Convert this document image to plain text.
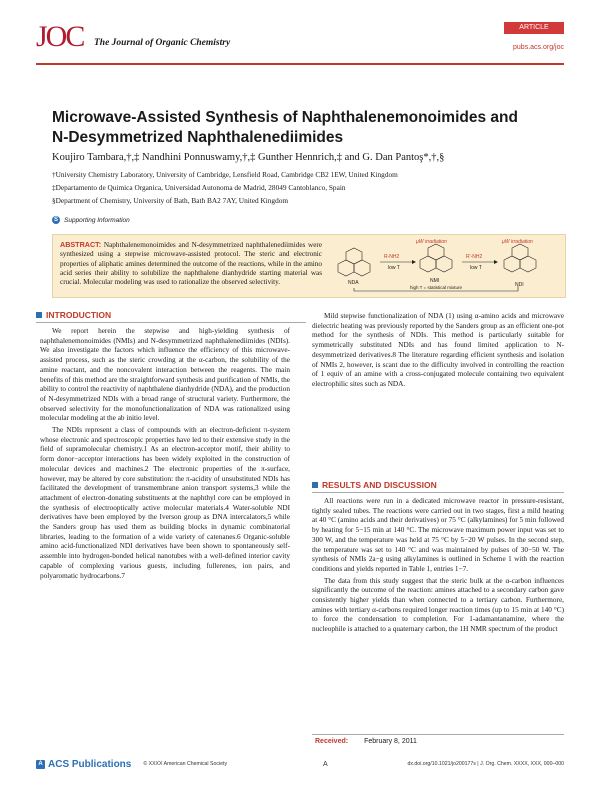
JOC The Journal of Organic Chemistry
ARTICLE
pubs.acs.org/joc
Microwave-Assisted Synthesis of Naphthalenemonoimides and
N-Desymmetrized Naphthalenediimides
Koujiro Tambara,†,‡ Nandhini Ponnuswamy,†,‡ Gunther Hennrich,‡ and G. Dan Pantoş*,†,§
†University Chemistry Laboratory, University of Cambridge, Lensfield Road, Cambridge CB2 1EW, United Kingdom
‡Departamento de Quimica Organica, Universidad Autonoma de Madrid, 28049 Cantoblanco, Spain
§Department of Chemistry, University of Bath, Bath BA2 7AY, United Kingdom
S Supporting Information
ABSTRACT: Naphthalenemonoimides and N-desymmetrized naphthalenediimides were synthesized using a stepwise microwave-assisted protocol. The steric and electronic properties of aliphatic amines determined the outcome of the reactions, while in the amino acid series their ability to solubilize the naphthalene dianhydride starting material was crucial. Molecular modeling was used to rationalize the observed selectivity.	NDA
R-NH2
low T
μW irradiation
NMI
R'-NH2
low T
μW irradiation
NDI
high T = statistical mixture
INTRODUCTION

We report herein the stepwise and high-yielding synthesis of naphthalenemonoimides (NMIs) and N-desymmetrized naphthalenediimides (NDIs). We also investigate the factors which influence the efficiency of this microwave-assisted process, such as the steric crowding at the α-carbon, the solubility of the amine reactant, and the noncovalent interaction between the reagents. The main benefits of this method are the straightforward synthesis and purification of NMIs, the ability to control the reactivity of naphthalene dianhydride (NDA), and the production of N-desymmetrized NDIs with a broad range of structural variety. Furthermore, the observed selectivity for the monofunctionalization of NDA was rationalized using molecular modeling at the ab initio level.

The NDIs represent a class of compounds with an electron-deficient π-system whose electronic and spectroscopic properties have led to their extensive study in the field of supramolecular chemistry.1 As an electron-acceptor motif, their ability to form donor−acceptor interactions has been widely exploited in the construction of molecular devices and machines.2 The electronic properties of the π-surface, however, may be altered by core substitution: the π-acidity of unsubstituted NDIs has facilitated the development of transmembrane anion transport systems,3 while the attachment of electron-donating substituents at the naphthyl core can be employed in the synthesis of electrooptically active molecular materials.4 Water-soluble NDI derivatives have been employed by the Iverson group as DNA intercalators,5 while the Sanders group has used them as building blocks in dynamic combinatorial libraries, leading to the formation of a wide variety of catenanes.6 Organic-soluble amino acid-functionalized NDI derivatives have been shown to spontaneously self-assemble into hydrogen-bonded helical nanotubes with a well-defined interior cavity capable of complexing various guests, including fullerenes, ion pairs, and polyaromatic hydrocarbons.7

Mild stepwise functionalization of NDA (1) using α-amino acids and microwave dielectric heating was previously reported by the Sanders group as an efficient one-pot method for the synthesis of NDIs. This method is particularly suitable for symmetrically substituted NDIs and has found limited application to N-desymmetrized derivatives.8 The literature regarding efficient synthesis and isolation of NMIs 2, however, is scant due to the difficulty involved in controlling the reaction of 1 equiv of an amine with a cross-conjugated molecule containing two equivalent electrophilic sites such as NDA.

RESULTS AND DISCUSSION

All reactions were run in a dedicated microwave reactor in pressure-resistant, tightly sealed tubes. The reactions were carried out in two stages, first a mild heating at 40 °C (amino acids and their derivatives) or 75 °C (alkylamines) for 5 min followed by heating for 5−15 min at 140 °C. The microwave maximum power input was set to 300 W, and the temperature was held at 75 °C by 5−20 W pulses. In the second step, the temperature was set to 140 °C and was maintained by pulses of 30−50 W. The synthesis of NMIs 2a−g using alkylamines is outlined in Scheme 1 with the reaction conditions and yields reported in Table 1, entries 1−7.

The data from this study suggest that the steric bulk at the α-carbon influences significantly the outcome of the reaction: amines attached to a secondary carbon gave consistently higher yields than when connected to a tertiary carbon. Furthermore, amines with tertiary α-carbons required longer reaction times (up to 15 min at 140 °C) to force the condensation to completion. For 1-adamantanamine, where the nucleophile is attached to a quaternary carbon, the 1H NMR spectrum of the product

Received: February 8, 2011
A ACS Publications © XXXX American Chemical Society	A	dx.doi.org/10.1021/jo200177s | J. Org. Chem. XXXX, XXX, 000–000
